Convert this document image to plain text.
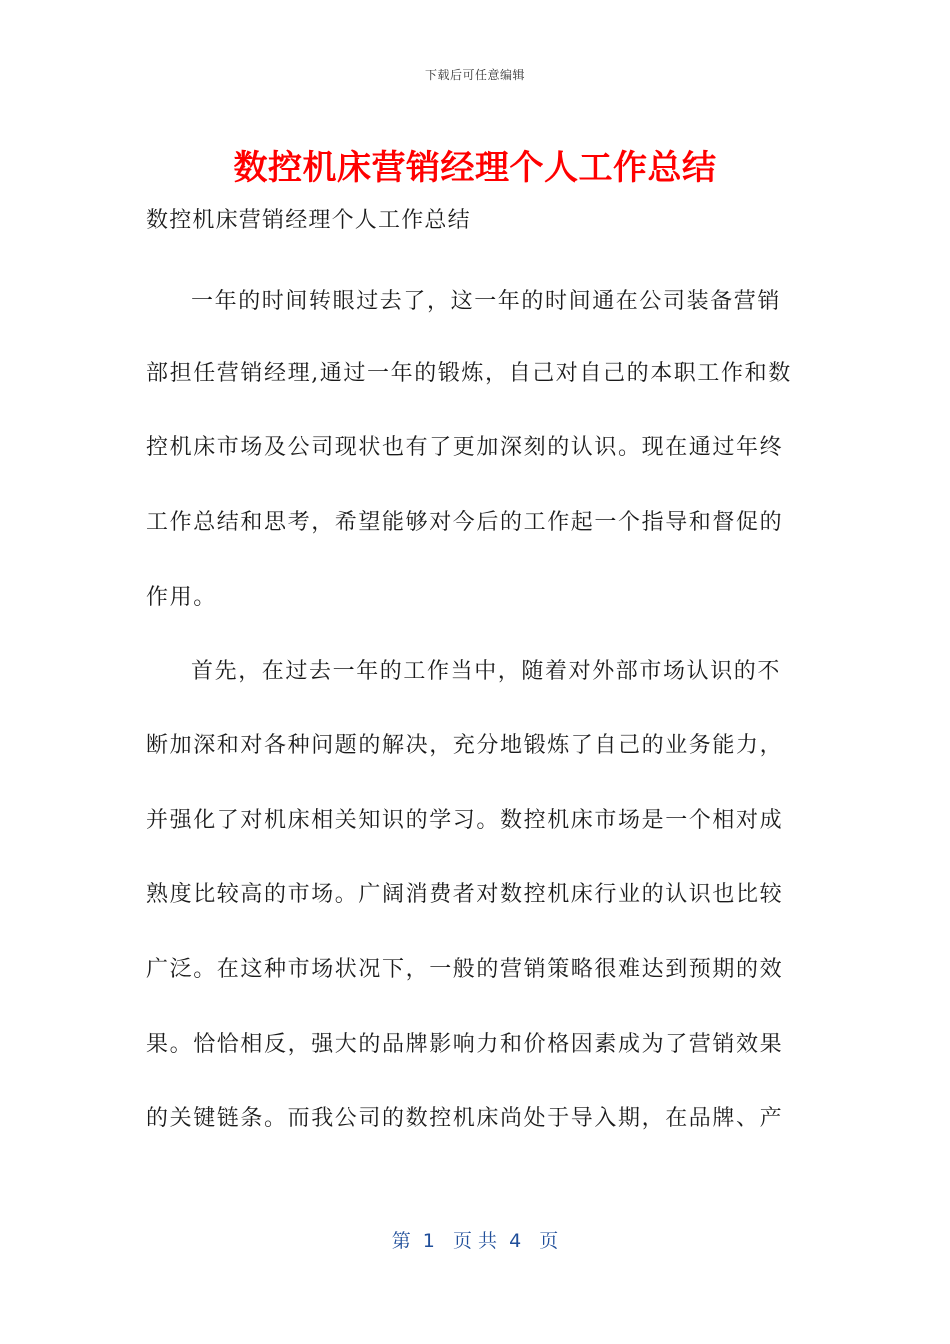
下载后可任意编辑
数控机床营销经理个人工作总结
数控机床营销经理个人工作总结
一年的时间转眼过去了，这一年的时间通在公司装备营销
部担任营销经理,通过一年的锻炼，自己对自己的本职工作和数
控机床市场及公司现状也有了更加深刻的认识。现在通过年终
工作总结和思考，希望能够对今后的工作起一个指导和督促的
作用。
首先，在过去一年的工作当中，随着对外部市场认识的不
断加深和对各种问题的解决，充分地锻炼了自己的业务能力，
并强化了对机床相关知识的学习。数控机床市场是一个相对成
熟度比较高的市场。广阔消费者对数控机床行业的认识也比较
广泛。在这种市场状况下，一般的营销策略很难达到预期的效
果。恰恰相反，强大的品牌影响力和价格因素成为了营销效果
的关键链条。而我公司的数控机床尚处于导入期，在品牌、产
第  1   页 共  4   页
